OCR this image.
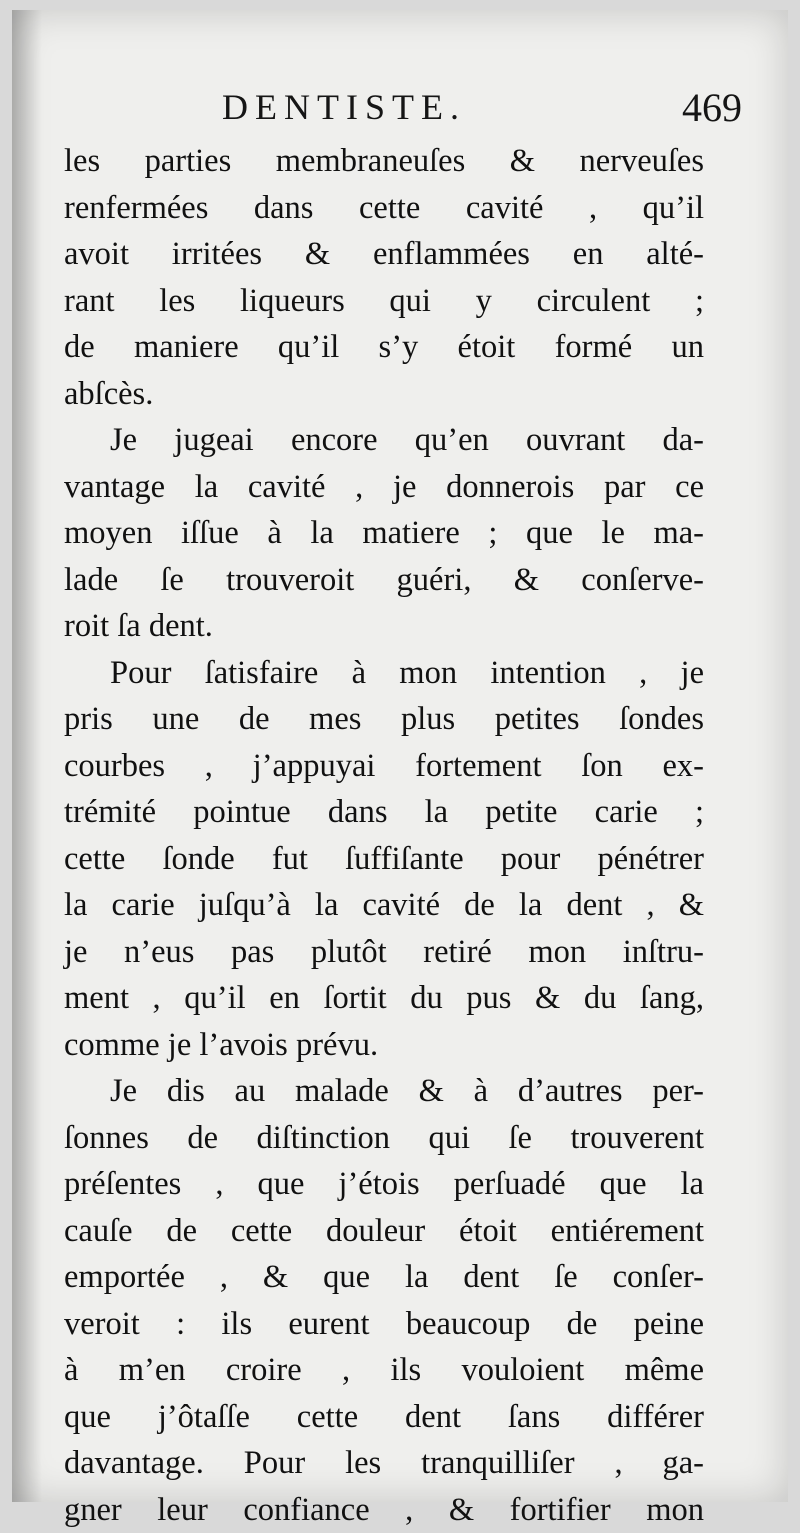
DENTISTE.	469
les parties membraneuſes & nerveuſes
renfermées dans cette cavité , qu’il
avoit irritées & enflammées en alté-
rant les liqueurs qui y circulent ;
de maniere qu’il s’y étoit formé un
abſcès.
Je jugeai encore qu’en ouvrant da-
vantage la cavité , je donnerois par ce
moyen iſſue à la matiere ; que le ma-
lade ſe trouveroit guéri, & conſerve-
roit ſa dent.
Pour ſatisfaire à mon intention , je
pris une de mes plus petites ſondes
courbes , j’appuyai fortement ſon ex-
trémité pointue dans la petite carie ;
cette ſonde fut ſuffiſante pour pénétrer
la carie juſqu’à la cavité de la dent , &
je n’eus pas plutôt retiré mon inſtru-
ment , qu’il en ſortit du pus & du ſang,
comme je l’avois prévu.
Je dis au malade & à d’autres per-
ſonnes de diſtinction qui ſe trouverent
préſentes , que j’étois perſuadé que la
cauſe de cette douleur étoit entiérement
emportée , & que la dent ſe conſer-
veroit : ils eurent beaucoup de peine
à m’en croire , ils vouloient même
que j’ôtaſſe cette dent ſans différer
davantage. Pour les tranquilliſer , ga-
gner leur confiance , & fortifier mon
